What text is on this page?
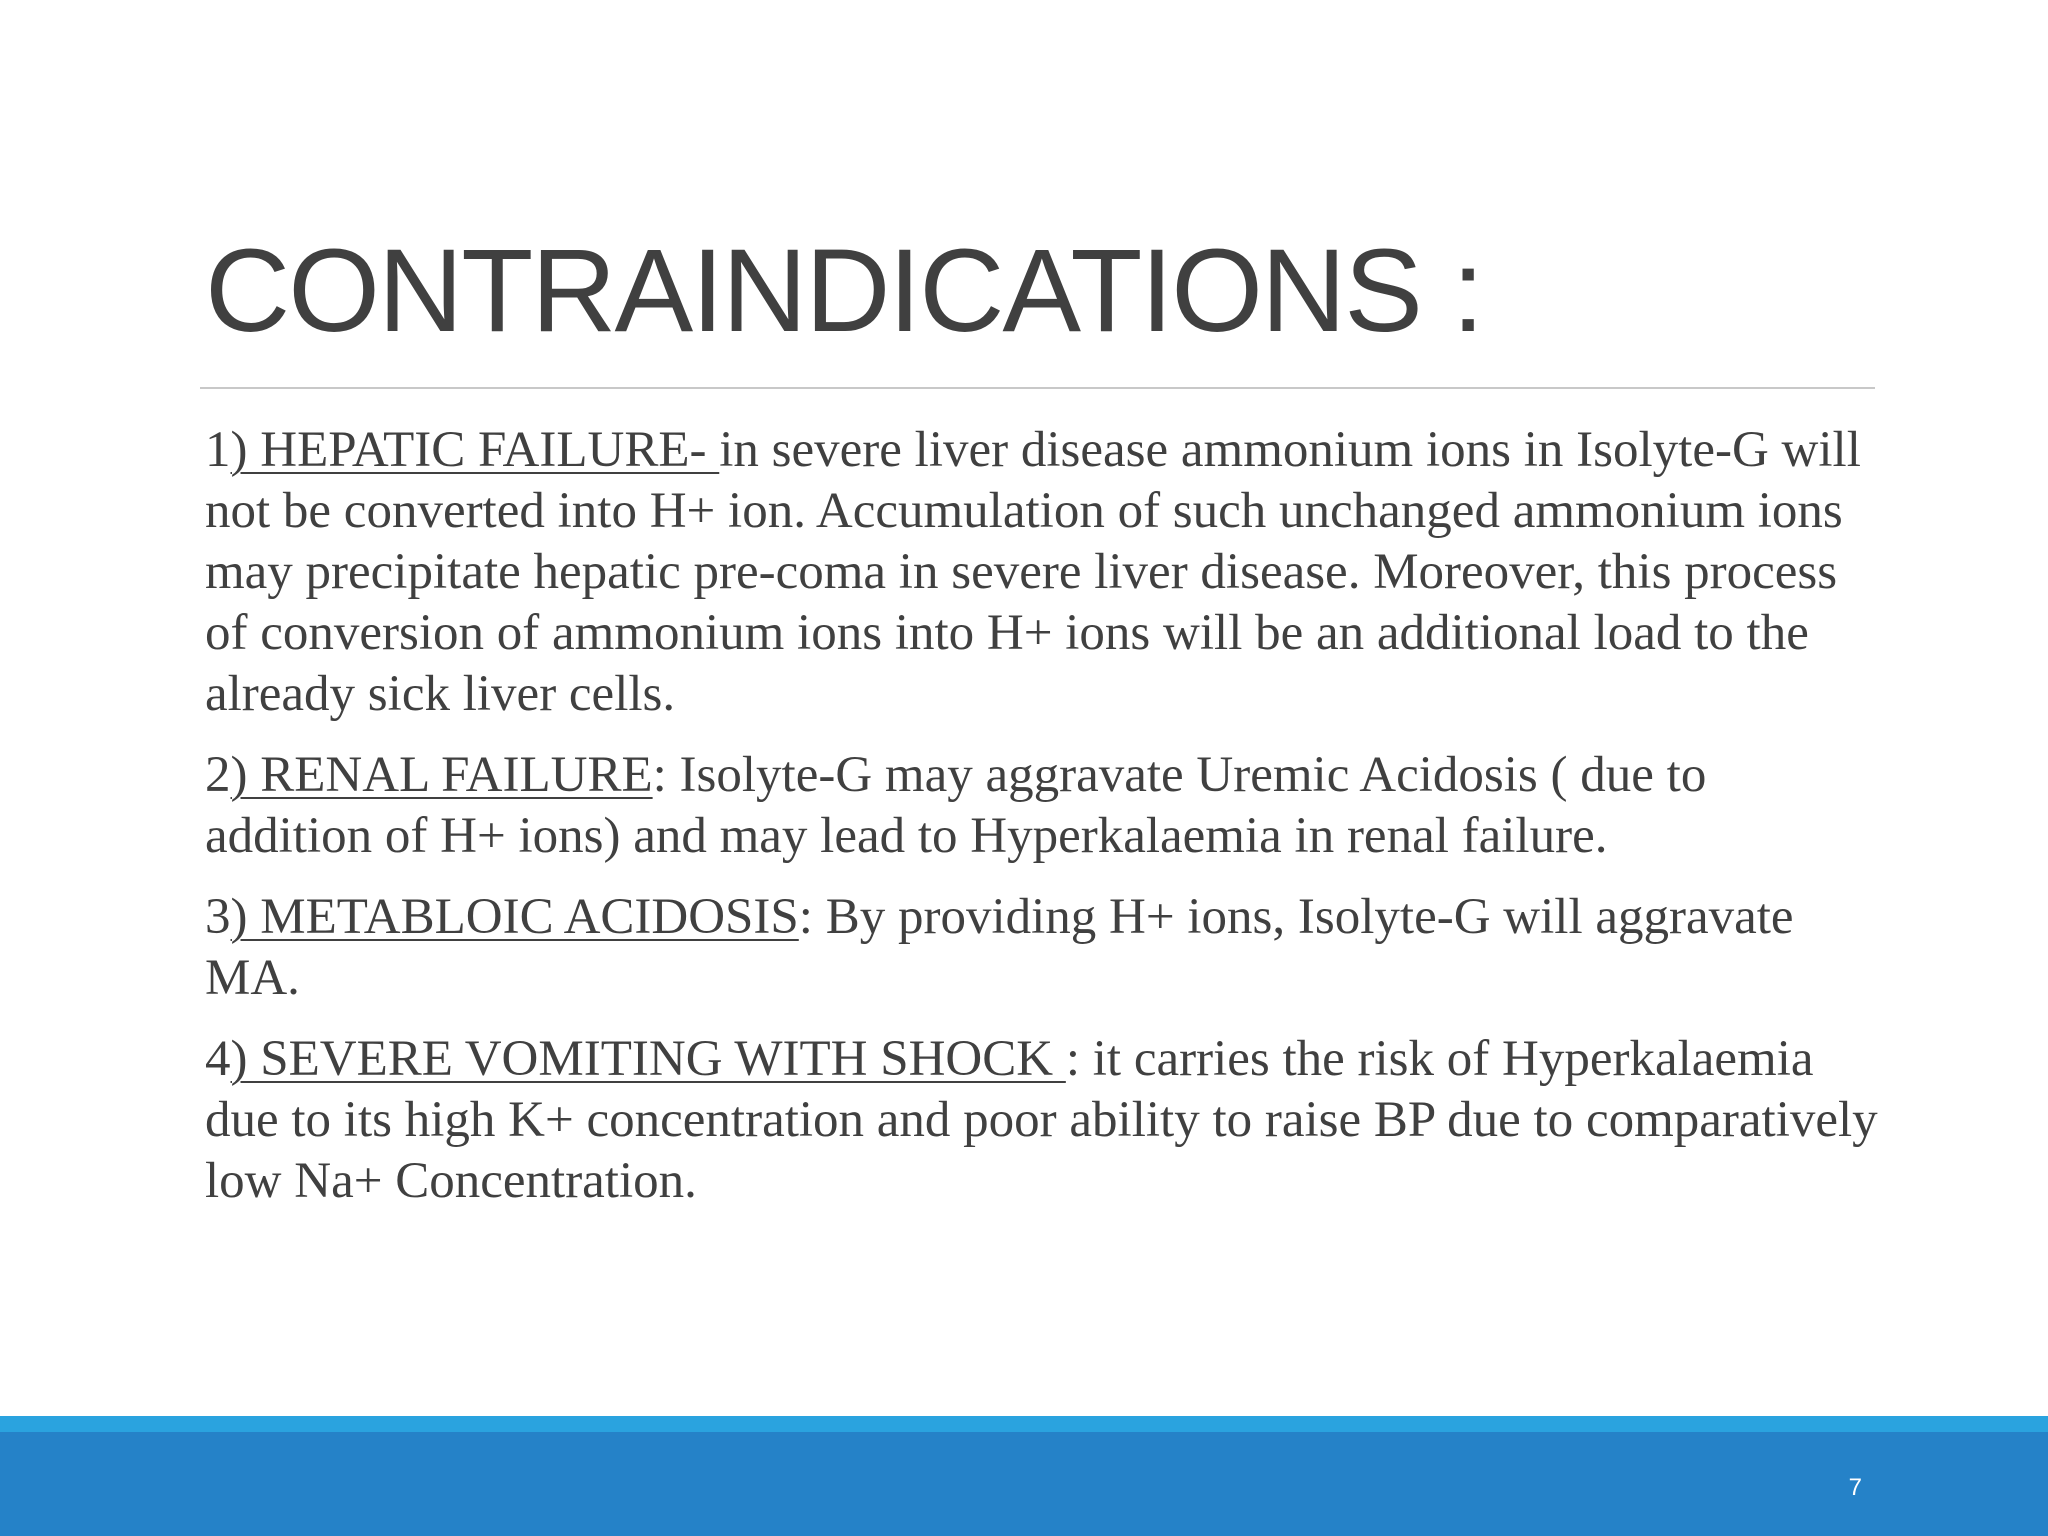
CONTRAINDICATIONS :

1) HEPATIC FAILURE- in severe liver disease ammonium ions in Isolyte-G will not be converted into H+ ion. Accumulation of such unchanged ammonium ions may precipitate hepatic pre-coma in severe liver disease. Moreover, this process of conversion of ammonium ions into H+ ions will be an additional load to the already sick liver cells.

2) RENAL FAILURE: Isolyte-G may aggravate Uremic Acidosis ( due to addition of H+ ions) and may lead to Hyperkalaemia in renal failure.

3) METABLOIC ACIDOSIS: By providing H+ ions, Isolyte-G will aggravate MA.

4) SEVERE VOMITING WITH SHOCK : it carries the risk of Hyperkalaemia due to its high K+ concentration and poor ability to raise BP due to comparatively low Na+ Concentration.

7
